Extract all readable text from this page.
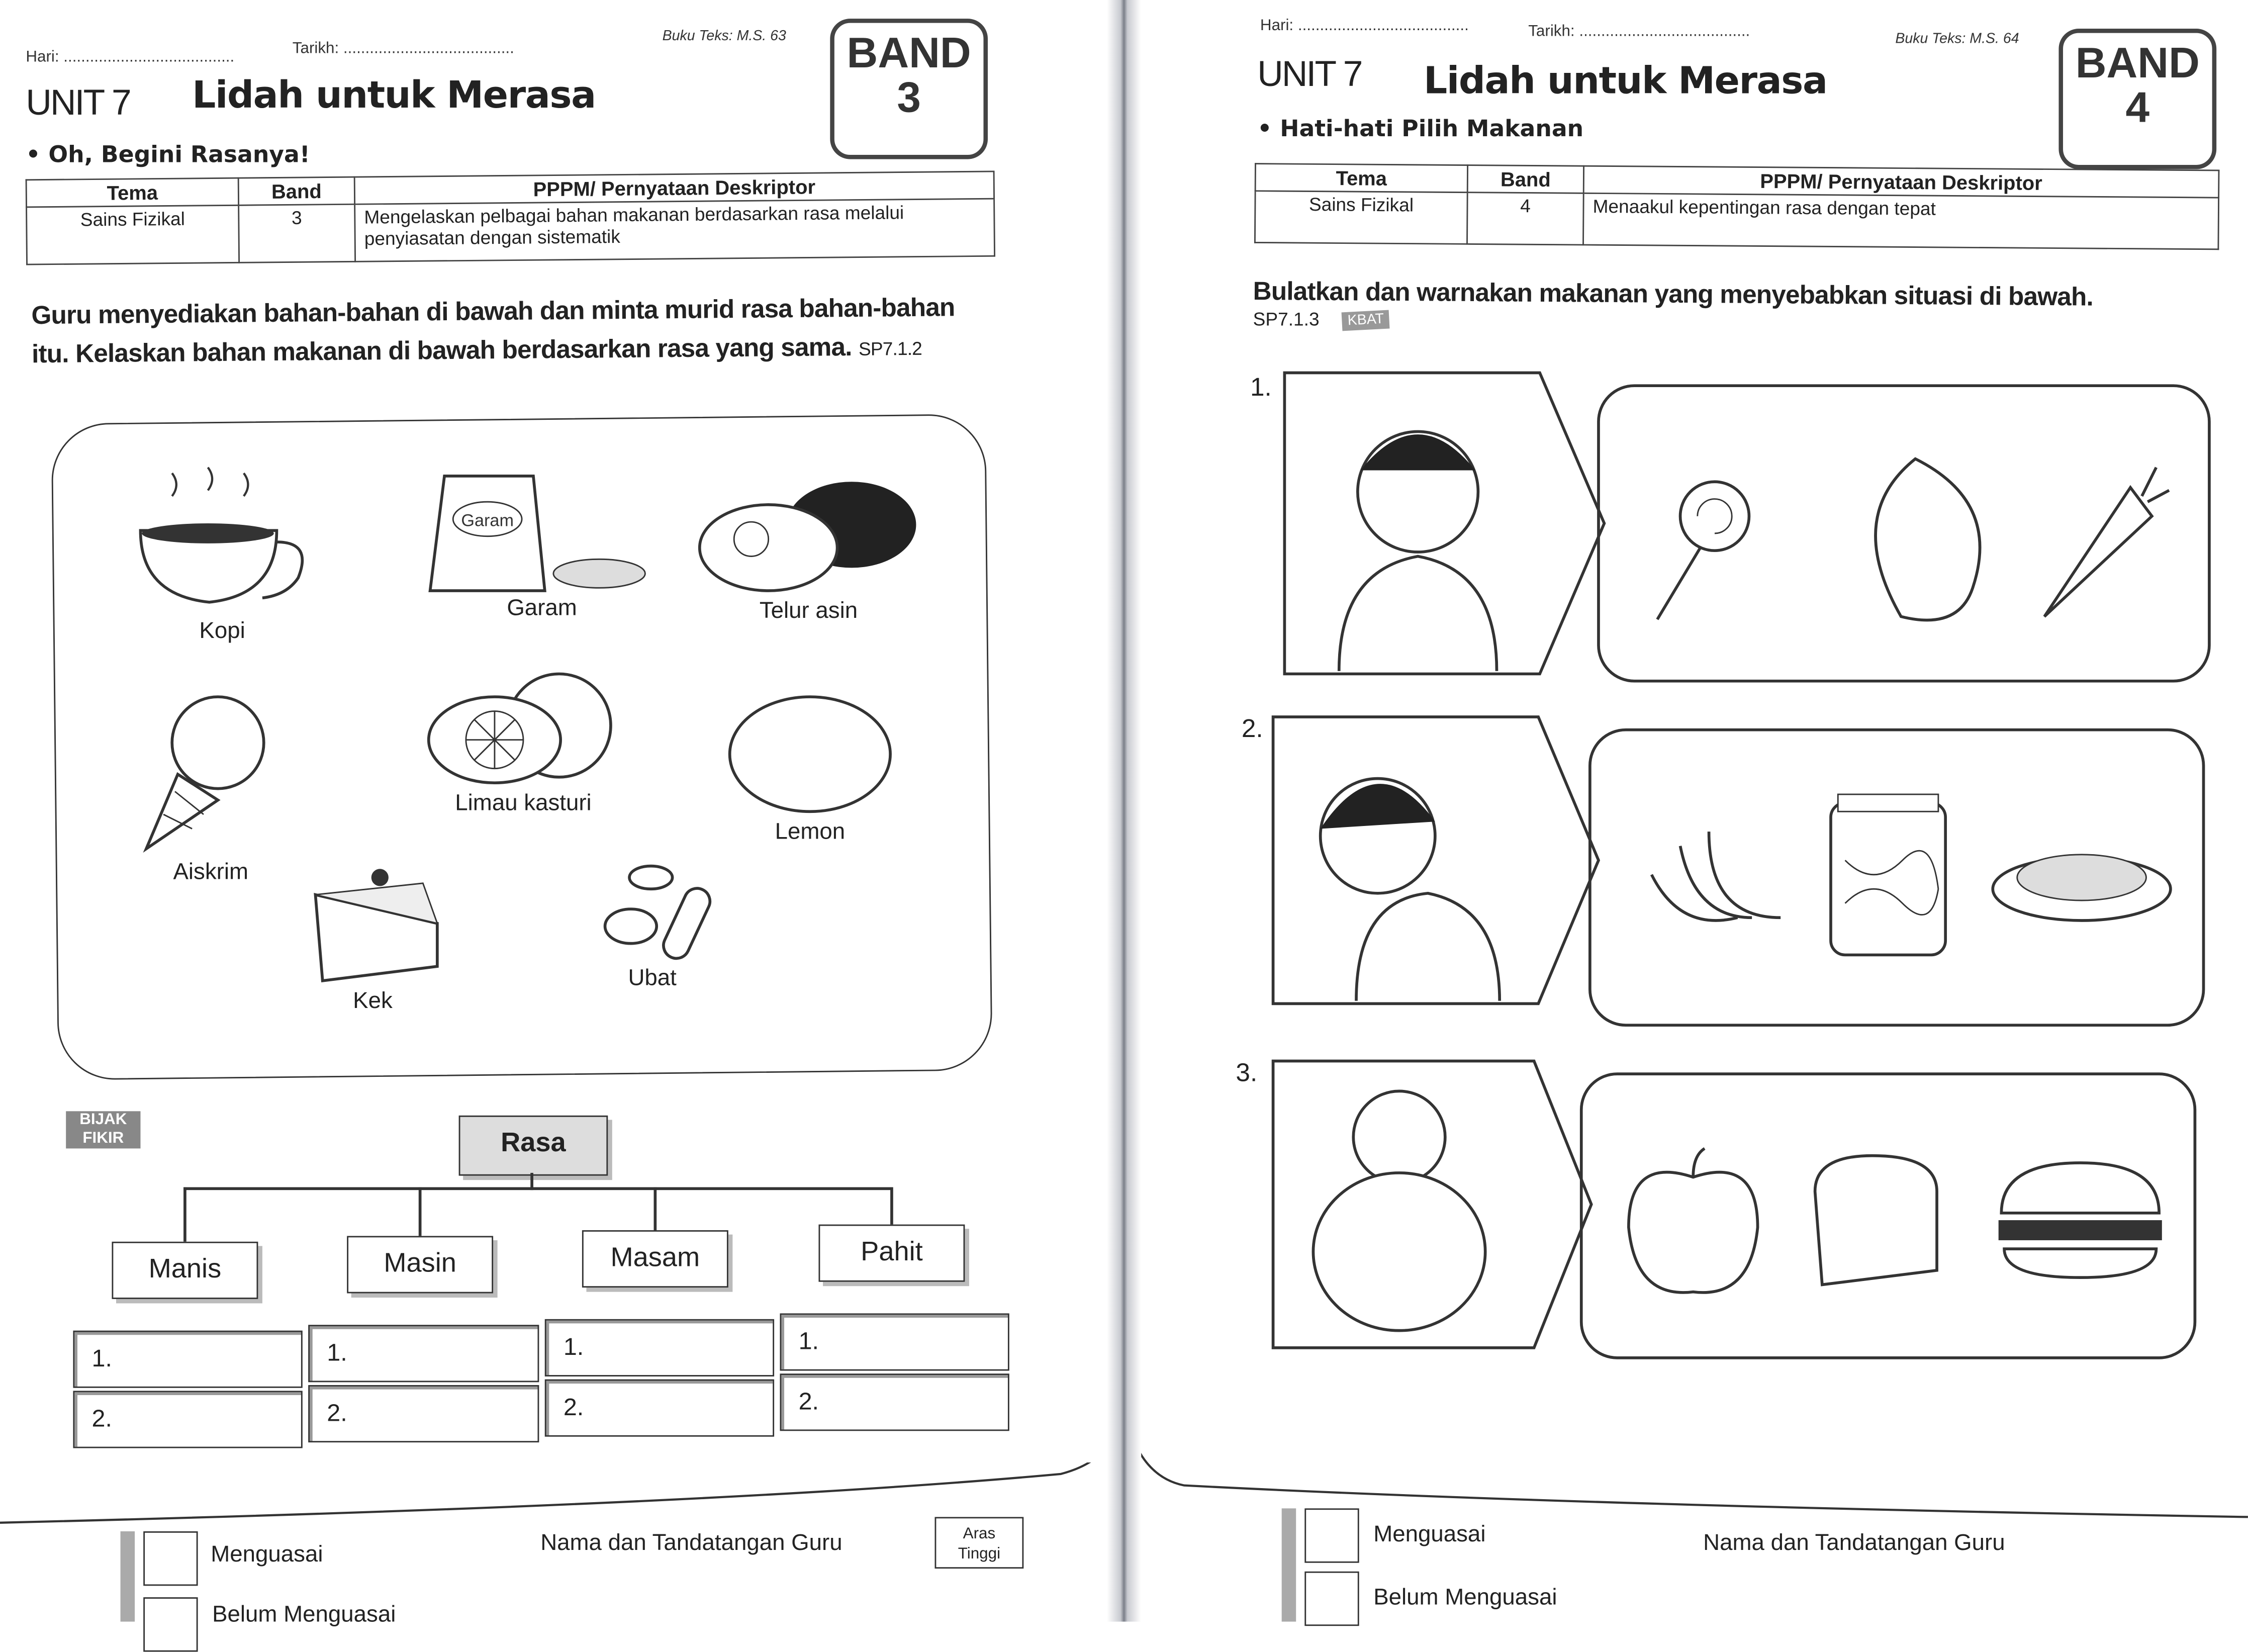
Hari: .......................................	Tarikh: .......................................
Buku Teks: M.S. 63	BAND
3
UNIT 7	Lidah untuk Merasa
• Oh, Begini Rasanya!
Tema	Band	PPPM/ Pernyataan Deskriptor
Sains Fizikal	3	Mengelaskan pelbagai bahan makanan berdasarkan rasa melalui penyiasatan dengan sistematik
Guru menyediakan bahan-bahan di bawah dan minta murid rasa bahan-bahan itu. Kelaskan bahan makanan di bawah berdasarkan rasa yang sama. SP7.1.2
Kopi
Garam
Garam	Telur asin
Aiskrim
Limau kasturi
Lemon
Kek
Ubat
BIJAK
FIKIR	Rasa
Manis	Masin	Masam	Pahit
1.
2.
1.
2.
1.
2.
1.
2.
Menguasai
Belum Menguasai
Nama dan Tandatangan Guru	Aras
Tinggi
Hari: .......................................	Tarikh: .......................................	Buku Teks: M.S. 64
BAND
4
UNIT 7	Lidah untuk Merasa
• Hati-hati Pilih Makanan
Tema	Band	PPPM/ Pernyataan Deskriptor
Sains Fizikal	4	Menaakul kepentingan rasa dengan tepat
Bulatkan dan warnakan makanan yang menyebabkan situasi di bawah.
SP7.1.3	KBAT
1.
2.
3.
Menguasai
Belum Menguasai
Nama dan Tandatangan Guru
